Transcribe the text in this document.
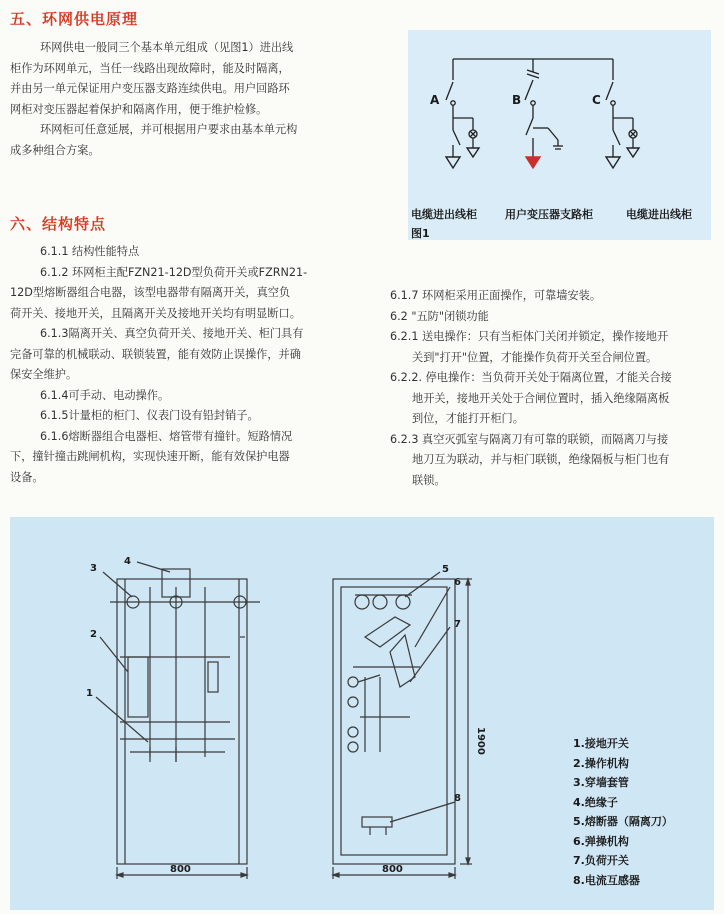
五、环网供电原理
环网供电一般同三个基本单元组成（见图1）进出线
柜作为环网单元，当任一线路出现故障时，能及时隔离，
并由另一单元保证用户变压器支路连续供电。用户回路环
网柜对变压器起着保护和隔离作用，便于维护检修。
环网柜可任意延展，并可根据用户要求由基本单元构
成多种组合方案。
A	B	C
电缆进出线柜	用户变压器支路柜	电缆进出线柜
图1
六、结构特点
6.1.1 结构性能特点
6.1.2 环网柜主配FZN21-12D型负荷开关或FZRN21-
12D型熔断器组合电器，该型电器带有隔离开关，真空负
荷开关、接地开关，且隔离开关及接地开关均有明显断口。
6.1.3隔离开关、真空负荷开关、接地开关、柜门具有
完备可靠的机械联动、联锁装置，能有效防止误操作，并确
保安全维护。
6.1.4可手动、电动操作。
6.1.5计量柜的柜门、仪表门设有铅封销子。
6.1.6熔断器组合电器柜、熔管带有撞针。短路情况
下，撞针撞击跳闸机构，实现快速开断，能有效保护电器
设备。
6.1.7 环网柜采用正面操作，可靠墙安装。
6.2 "五防"闭锁功能
6.2.1 送电操作：只有当柜体门关闭并锁定，操作接地开
关到"打开"位置，才能操作负荷开关至合闸位置。
6.2.2. 停电操作：当负荷开关处于隔离位置，才能关合接
地开关，接地开关处于合闸位置时，插入绝缘隔离板
到位，才能打开柜门。
6.2.3 真空灭弧室与隔离刀有可靠的联锁，而隔离刀与接
地刀互为联动，并与柜门联锁，绝缘隔板与柜门也有
联锁。
4
3
2
1
5
6
7
8
800	800
1900	1.接地开关
2.操作机构
3.穿墙套管
4.绝缘子
5.熔断器（隔离刀）
6.弹操机构
7.负荷开关
8.电流互感器
